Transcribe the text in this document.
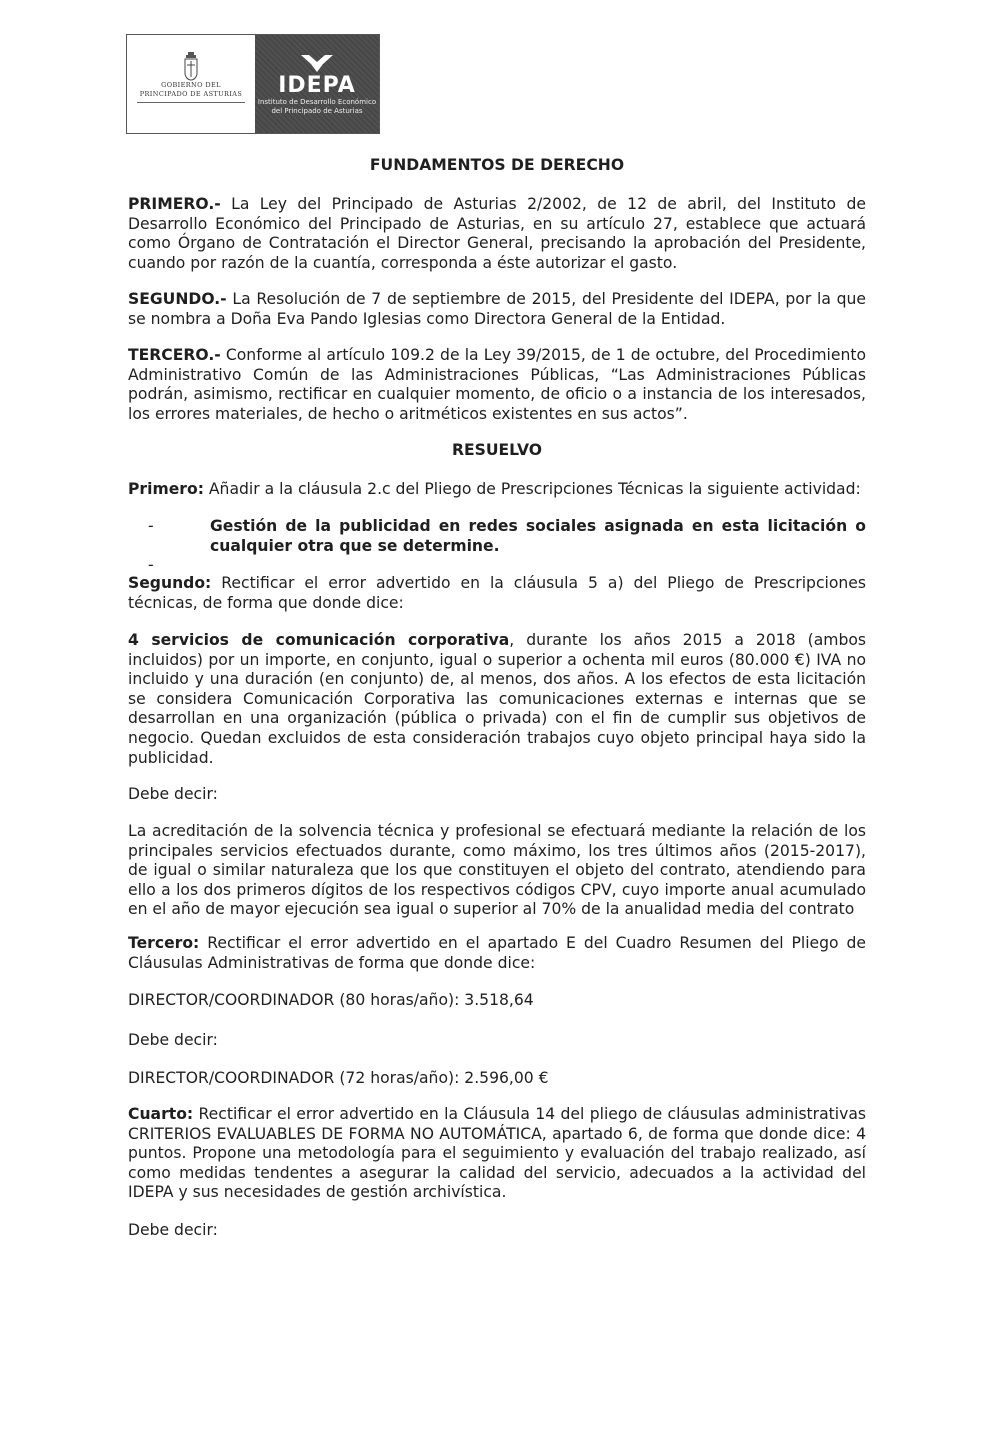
GOBIERNO DEL
PRINCIPADO DE ASTURIAS IDEPA
Instituto de Desarrollo Económico
del Principado de Asturias
FUNDAMENTOS DE DERECHO

PRIMERO.- La Ley del Principado de Asturias 2/2002, de 12 de abril, del Instituto de Desarrollo Económico del Principado de Asturias, en su artículo 27, establece que actuará como Órgano de Contratación el Director General, precisando la aprobación del Presidente, cuando por razón de la cuantía, corresponda a éste autorizar el gasto.

SEGUNDO.- La Resolución de 7 de septiembre de 2015, del Presidente del IDEPA, por la que se nombra a Doña Eva Pando Iglesias como Directora General de la Entidad.

TERCERO.- Conforme al artículo 109.2 de la Ley 39/2015, de 1 de octubre, del Procedimiento Administrativo Común de las Administraciones Públicas, “Las Administraciones Públicas podrán, asimismo, rectificar en cualquier momento, de oficio o a instancia de los interesados, los errores materiales, de hecho o aritméticos existentes en sus actos”.

RESUELVO

Primero: Añadir a la cláusula 2.c del Pliego de Prescripciones Técnicas la siguiente actividad:

-	Gestión de la publicidad en redes sociales asignada en esta licitación o cualquier otra que se determine.
-

Segundo: Rectificar el error advertido en la cláusula 5 a) del Pliego de Prescripciones técnicas, de forma que donde dice:

4 servicios de comunicación corporativa, durante los años 2015 a 2018 (ambos incluidos) por un importe, en conjunto, igual o superior a ochenta mil euros (80.000 €) IVA no incluido y una duración (en conjunto) de, al menos, dos años. A los efectos de esta licitación se considera Comunicación Corporativa las comunicaciones externas e internas que se desarrollan en una organización (pública o privada) con el fin de cumplir sus objetivos de negocio. Quedan excluidos de esta consideración trabajos cuyo objeto principal haya sido la publicidad.

Debe decir:

La acreditación de la solvencia técnica y profesional se efectuará mediante la relación de los principales servicios efectuados durante, como máximo, los tres últimos años (2015-2017), de igual o similar naturaleza que los que constituyen el objeto del contrato, atendiendo para ello a los dos primeros dígitos de los respectivos códigos CPV, cuyo importe anual acumulado en el año de mayor ejecución sea igual o superior al 70% de la anualidad media del contrato

Tercero: Rectificar el error advertido en el apartado E del Cuadro Resumen del Pliego de Cláusulas Administrativas de forma que donde dice:

DIRECTOR/COORDINADOR (80 horas/año): 3.518,64

Debe decir:

DIRECTOR/COORDINADOR (72 horas/año): 2.596,00 €

Cuarto: Rectificar el error advertido en la Cláusula 14 del pliego de cláusulas administrativas CRITERIOS EVALUABLES DE FORMA NO AUTOMÁTICA, apartado 6, de forma que donde dice: 4 puntos. Propone una metodología para el seguimiento y evaluación del trabajo realizado, así como medidas tendentes a asegurar la calidad del servicio, adecuados a la actividad del IDEPA y sus necesidades de gestión archivística.

Debe decir:
